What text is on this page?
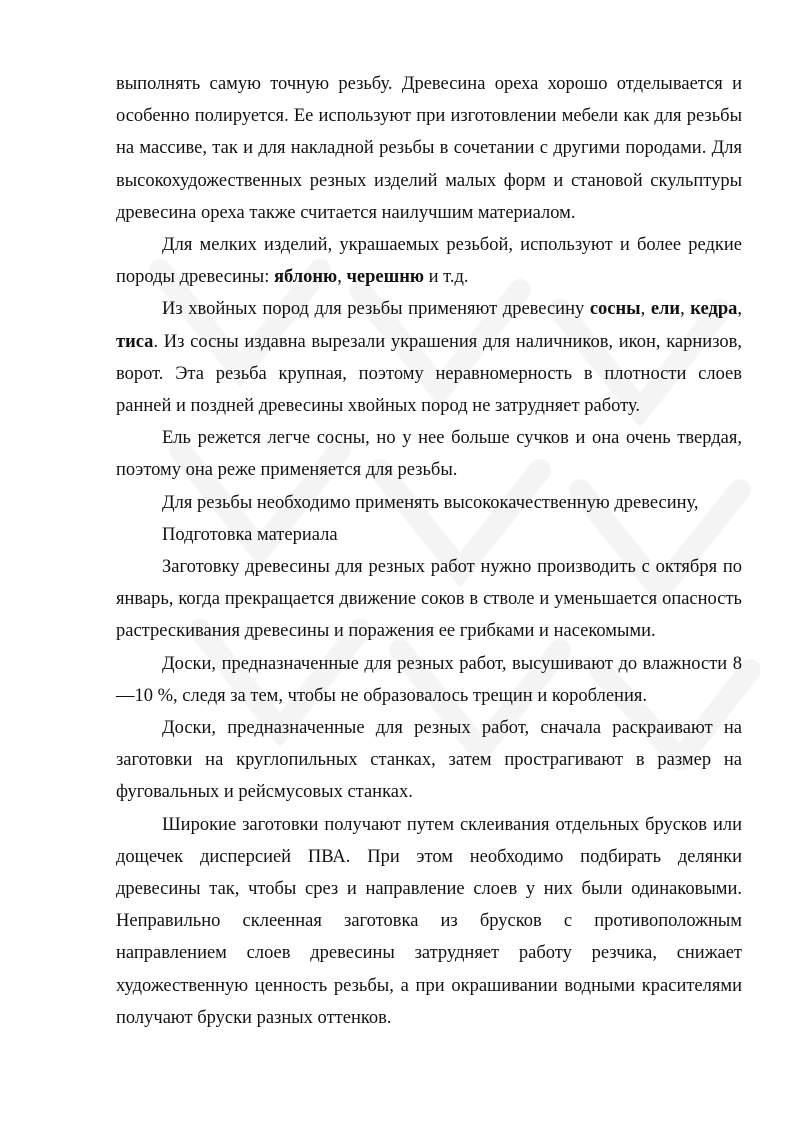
выполнять самую точную резьбу. Древесина ореха хорошо отделывается и особенно полируется. Ее используют при изготовлении мебели как для резьбы на массиве, так и для накладной резьбы в сочетании с другими породами. Для высокохудожественных резных изделий малых форм и становой скульптуры древесина ореха также считается наилучшим материалом.

Для мелких изделий, украшаемых резьбой, используют и более редкие породы древесины: яблоню, черешню и т.д.

Из хвойных пород для резьбы применяют древесину сосны, ели, кедра, тиса. Из сосны издавна вырезали украшения для наличников, икон, карнизов, ворот. Эта резьба крупная, поэтому неравномерность в плотности слоев ранней и поздней древесины хвойных пород не затрудняет работу.

Ель режется легче сосны, но у нее больше сучков и она очень твердая, поэтому она реже применяется для резьбы.

Для резьбы необходимо применять высококачественную древесину,

Подготовка материала

Заготовку древесины для резных работ нужно производить с октября по январь, когда прекращается движение соков в стволе и уменьшается опасность растрескивания древесины и поражения ее грибками и насекомыми.

Доски, предназначенные для резных работ, высушивают до влажности 8 —10 %, следя за тем, чтобы не образовалось трещин и коробления.

Доски, предназначенные для резных работ, сначала раскраивают на заготовки на круглопильных станках, затем прострагивают в размер на фуговальных и рейсмусовых станках.

Широкие заготовки получают путем склеивания отдельных брусков или дощечек дисперсией ПВА. При этом необходимо подбирать делянки древесины так, чтобы срез и направление слоев у них были одинаковыми. Неправильно склеенная заготовка из брусков с противоположным направлением слоев древесины затрудняет работу резчика, снижает художественную ценность резьбы, а при окрашивании водными красителями получают бруски разных оттенков.
